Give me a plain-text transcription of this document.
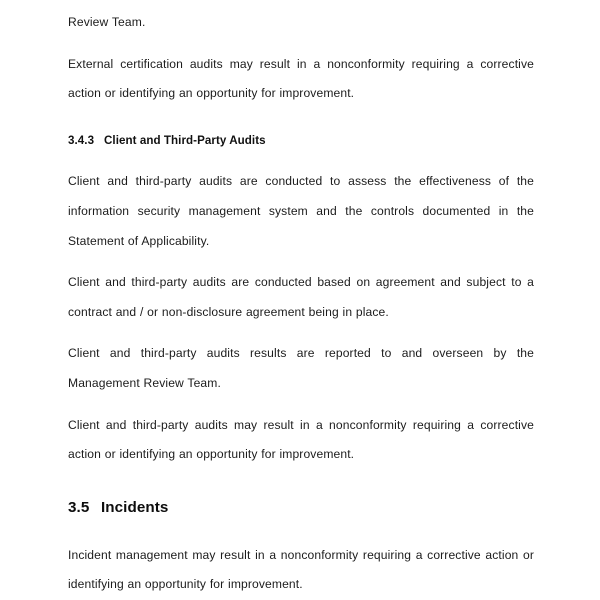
Review Team.

External certification audits may result in a nonconformity requiring a corrective action or identifying an opportunity for improvement.

3.4.3 Client and Third-Party Audits

Client and third-party audits are conducted to assess the effectiveness of the information security management system and the controls documented in the Statement of Applicability.

Client and third-party audits are conducted based on agreement and subject to a contract and / or non-disclosure agreement being in place.

Client and third-party audits results are reported to and overseen by the Management Review Team.

Client and third-party audits may result in a nonconformity requiring a corrective action or identifying an opportunity for improvement.

3.5 Incidents

Incident management may result in a nonconformity requiring a corrective action or identifying an opportunity for improvement.
